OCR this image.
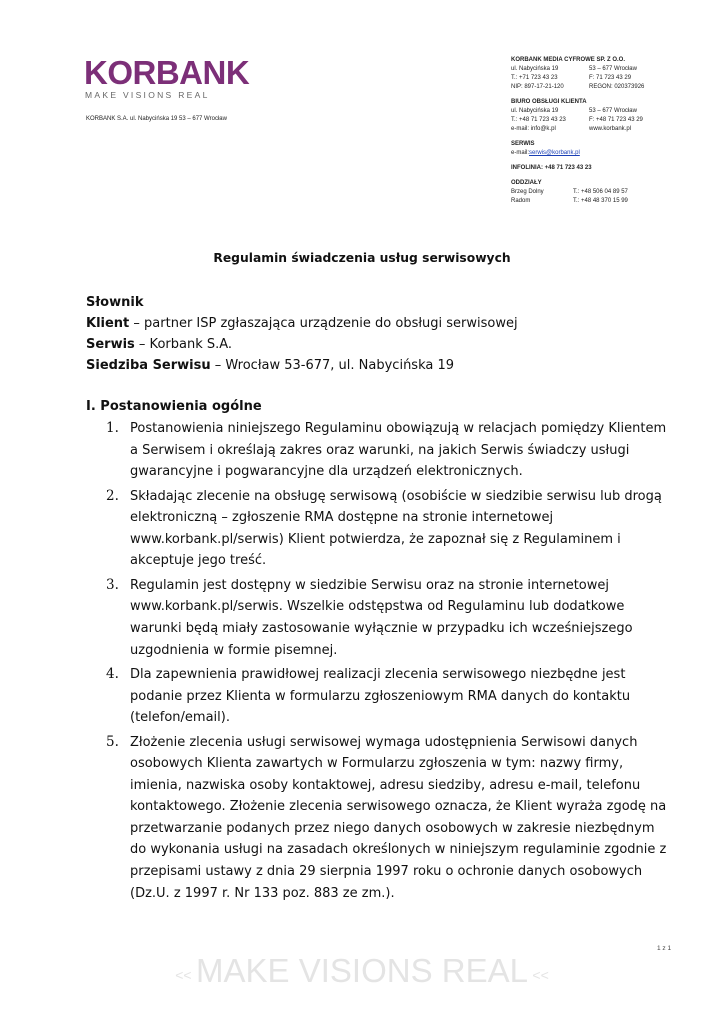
KORBANK
MAKE VISIONS REAL
KORBANK S.A. ul. Nabycińska 19 53 – 677 Wrocław
KORBANK MEDIA CYFROWE SP. Z O.O.
ul. Nabycińska 19	53 – 677 Wrocław
T.: +71 723 43 23	F: 71 723 43 29
NIP: 897-17-21-120	REGON: 020373926
BIURO OBSŁUGI KLIENTA
ul. Nabycińska 19	53 – 677 Wrocław
T.: +48 71 723 43 23	F: +48 71 723 43 29
e-mail: info@k.pl	www.korbank.pl
SERWIS
e-mail: serwis@korbank.pl
INFOLINIA: +48 71 723 43 23
ODDZIAŁY
Brzeg Dolny	T.: +48 506 04 89 57
Radom	T.: +48 48 370 15 99
Regulamin świadczenia usług serwisowych
Słownik
Klient – partner ISP zgłaszająca urządzenie do obsługi serwisowej
Serwis – Korbank S.A.
Siedziba Serwisu – Wrocław 53-677, ul. Nabycińska 19
I. Postanowienia ogólne
1. Postanowienia niniejszego Regulaminu obowiązują w relacjach pomiędzy Klientem
a Serwisem i określają zakres oraz warunki, na jakich Serwis świadczy usługi
gwarancyjne i pogwarancyjne dla urządzeń elektronicznych.
2. Składając zlecenie na obsługę serwisową (osobiście w siedzibie serwisu lub drogą
elektroniczną – zgłoszenie RMA dostępne na stronie internetowej
www.korbank.pl/serwis) Klient potwierdza, że zapoznał się z Regulaminem i
akceptuje jego treść.
3. Regulamin jest dostępny w siedzibie Serwisu oraz na stronie internetowej
www.korbank.pl/serwis. Wszelkie odstępstwa od Regulaminu lub dodatkowe
warunki będą miały zastosowanie wyłącznie w przypadku ich wcześniejszego
uzgodnienia w formie pisemnej.
4. Dla zapewnienia prawidłowej realizacji zlecenia serwisowego niezbędne jest
podanie przez Klienta w formularzu zgłoszeniowym RMA danych do kontaktu
(telefon/email).
5. Złożenie zlecenia usługi serwisowej wymaga udostępnienia Serwisowi danych
osobowych Klienta zawartych w Formularzu zgłoszenia w tym: nazwy firmy,
imienia, nazwiska osoby kontaktowej, adresu siedziby, adresu e-mail, telefonu
kontaktowego. Złożenie zlecenia serwisowego oznacza, że Klient wyraża zgodę na
przetwarzanie podanych przez niego danych osobowych w zakresie niezbędnym
do wykonania usługi na zasadach określonych w niniejszym regulaminie zgodnie z
przepisami ustawy z dnia 29 sierpnia 1997 roku o ochronie danych osobowych
(Dz.U. z 1997 r. Nr 133 poz. 883 ze zm.).
1 z 1
<< MAKE VISIONS REAL <<
